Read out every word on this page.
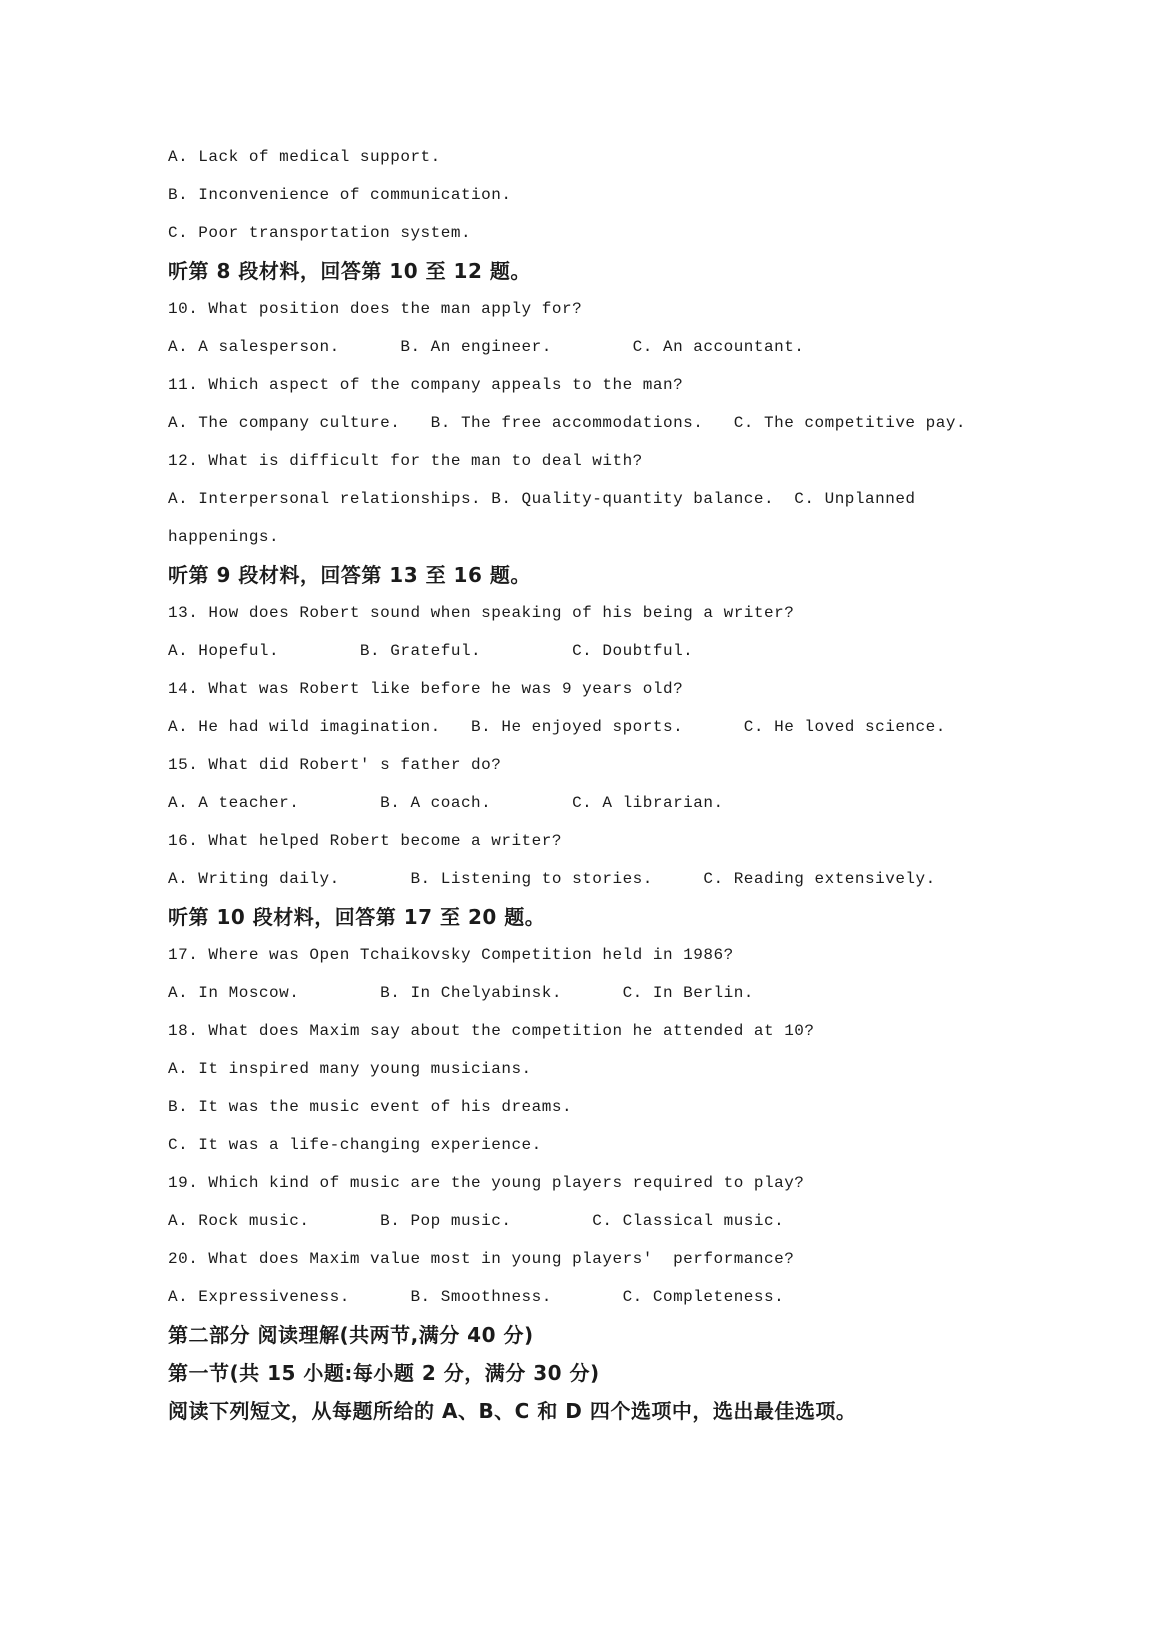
A. Lack of medical support.

B. Inconvenience of communication.

C. Poor transportation system.

听第 8 段材料，回答第 10 至 12 题。

10. What position does the man apply for?

A. A salesperson.      B. An engineer.        C. An accountant.

11. Which aspect of the company appeals to the man?

A. The company culture.   B. The free accommodations.   C. The competitive pay.

12. What is difficult for the man to deal with?

A. Interpersonal relationships. B. Quality-quantity balance.  C. Unplanned

happenings.

听第 9 段材料，回答第 13 至 16 题。

13. How does Robert sound when speaking of his being a writer?

A. Hopeful.        B. Grateful.         C. Doubtful.

14. What was Robert like before he was 9 years old?

A. He had wild imagination.   B. He enjoyed sports.      C. He loved science.

15. What did Robert' s father do?

A. A teacher.        B. A coach.        C. A librarian.

16. What helped Robert become a writer?

A. Writing daily.       B. Listening to stories.     C. Reading extensively.

听第 10 段材料，回答第 17 至 20 题。

17. Where was Open Tchaikovsky Competition held in 1986?

A. In Moscow.        B. In Chelyabinsk.      C. In Berlin.

18. What does Maxim say about the competition he attended at 10?

A. It inspired many young musicians.

B. It was the music event of his dreams.

C. It was a life-changing experience.

19. Which kind of music are the young players required to play?

A. Rock music.       B. Pop music.        C. Classical music.

20. What does Maxim value most in young players'  performance?

A. Expressiveness.      B. Smoothness.       C. Completeness.

第二部分 阅读理解(共两节,满分 40 分)

第一节(共 15 小题:每小题 2 分，满分 30 分)

阅读下列短文，从每题所给的 A、B、C 和 D 四个选项中，选出最佳选项。
